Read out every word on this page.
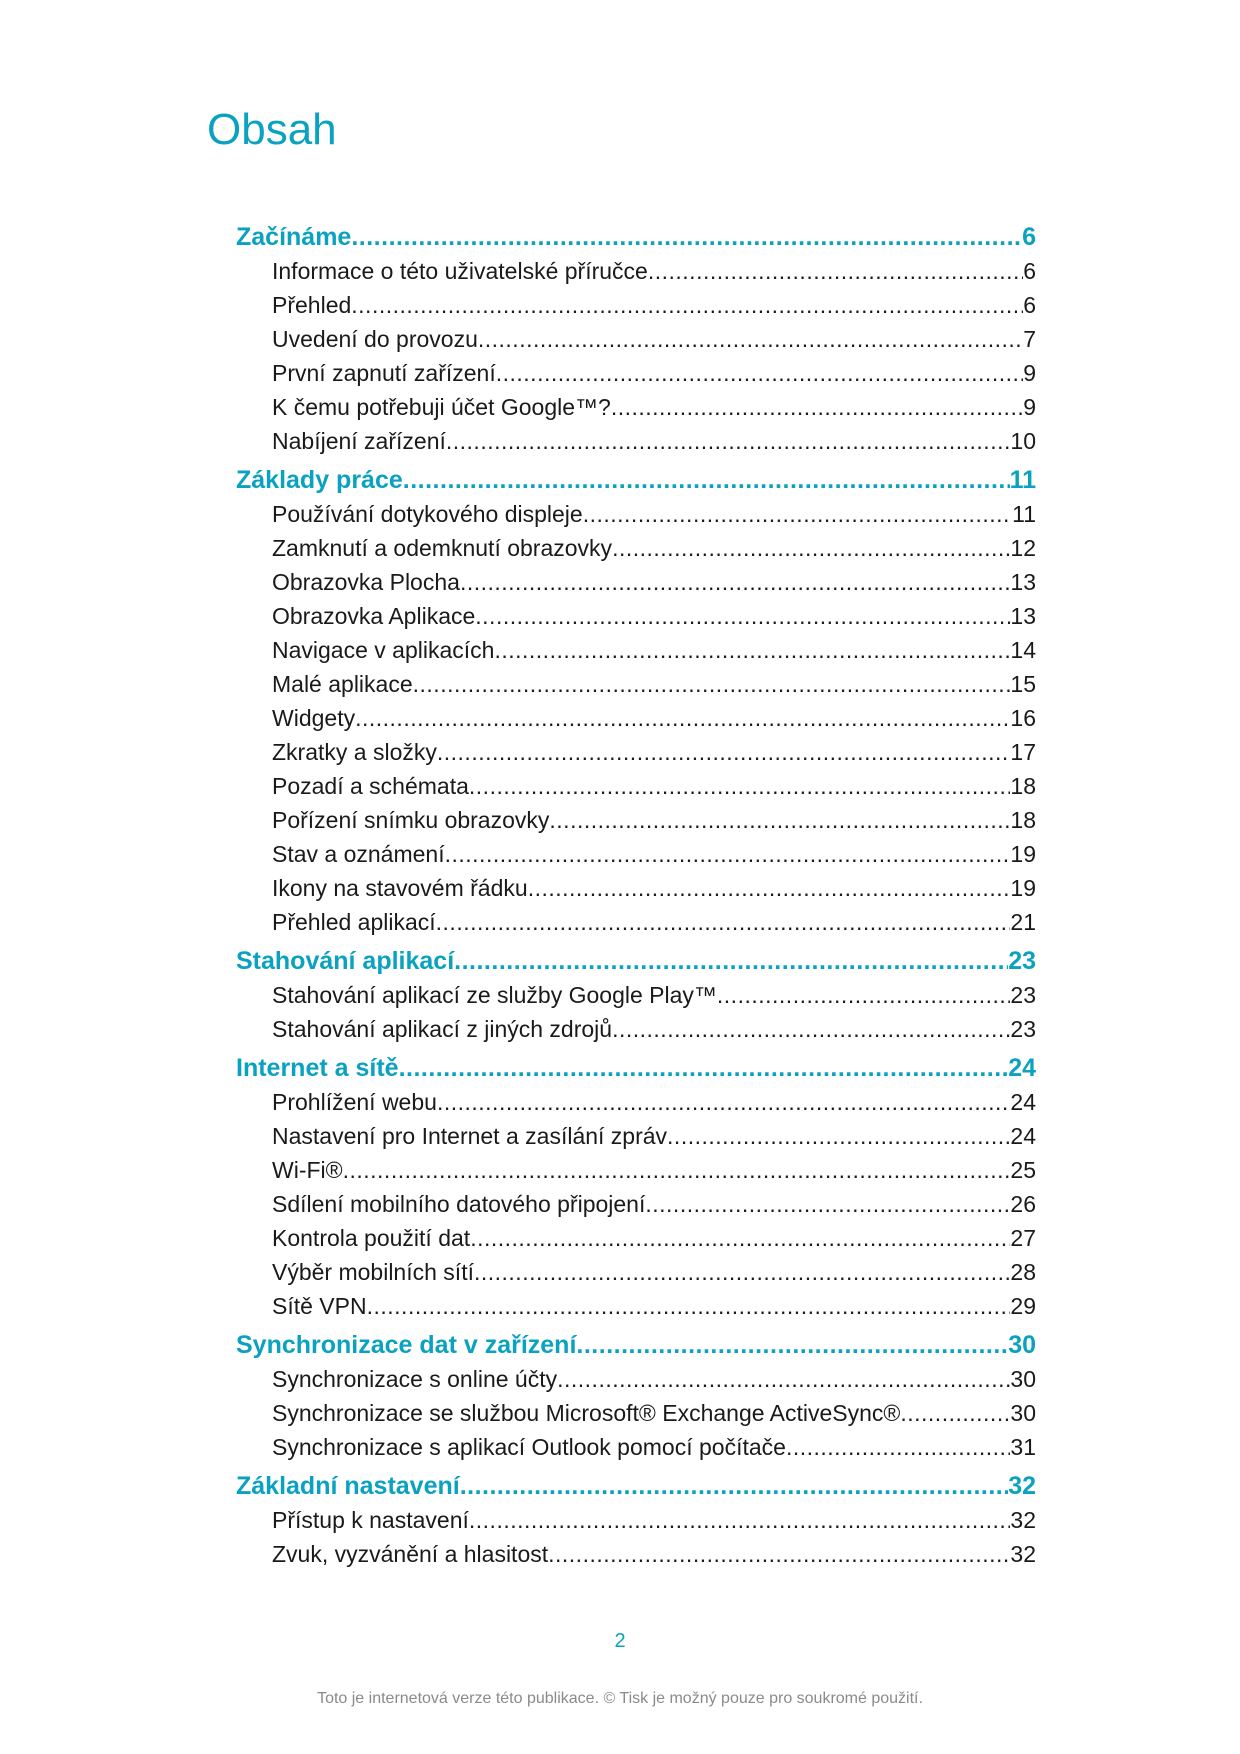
Obsah
Začínáme .....	6
Informace o této uživatelské příručce .....	6
Přehled .....	6
Uvedení do provozu .....	7
První zapnutí zařízení .....	9
K čemu potřebuji účet Google™? .....	9
Nabíjení zařízení .....	10
Základy práce .....	11
Používání dotykového displeje .....	11
Zamknutí a odemknutí obrazovky .....	12
Obrazovka Plocha .....	13
Obrazovka Aplikace .....	13
Navigace v aplikacích .....	14
Malé aplikace .....	15
Widgety .....	16
Zkratky a složky .....	17
Pozadí a schémata .....	18
Pořízení snímku obrazovky .....	18
Stav a oznámení .....	19
Ikony na stavovém řádku .....	19
Přehled aplikací .....	21
Stahování aplikací .....	23
Stahování aplikací ze služby Google Play™ .....	23
Stahování aplikací z jiných zdrojů .....	23
Internet a sítě .....	24
Prohlížení webu .....	24
Nastavení pro Internet a zasílání zpráv .....	24
Wi-Fi® .....	25
Sdílení mobilního datového připojení .....	26
Kontrola použití dat .....	27
Výběr mobilních sítí .....	28
Sítě VPN .....	29
Synchronizace dat v zařízení .....	30
Synchronizace s online účty .....	30
Synchronizace se službou Microsoft® Exchange ActiveSync® .....	30
Synchronizace s aplikací Outlook pomocí počítače .....	31
Základní nastavení .....	32
Přístup k nastavení .....	32
Zvuk, vyzvánění a hlasitost .....	32
2
Toto je internetová verze této publikace. © Tisk je možný pouze pro soukromé použití.
